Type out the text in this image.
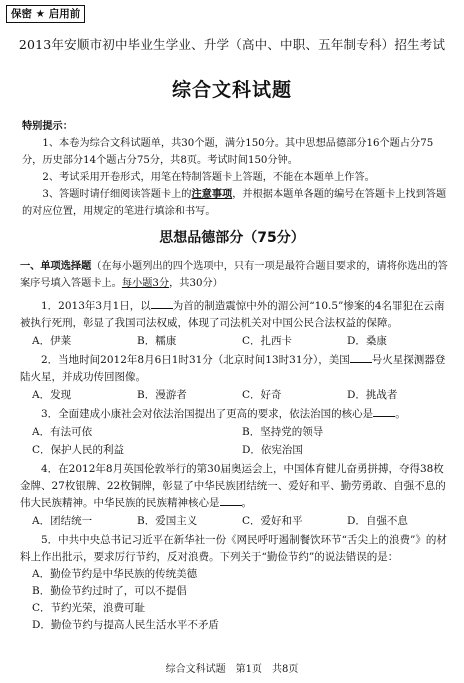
保密 ★ 启用前
2013年安顺市初中毕业生学业、升学（高中、中职、五年制专科）招生考试
综合文科试题
特别提示：

1、本卷为综合文科试题单，共30个题，满分150分。其中思想品德部分16个题占分75分，历史部分14个题占分75分，共8页。考试时间150分钟。

2、考试采用开卷形式，用笔在特制答题卡上答题，不能在本题单上作答。

3、答题时请仔细阅读答题卡上的注意事项，并根据本题单各题的编号在答题卡上找到答题的对应位置，用规定的笔进行填涂和书写。

思想品德部分（75分）
一、单项选择题（在每小题列出的四个选项中，只有一项是最符合题目要求的，请将你选出的答案序号填入答题卡上。每小题3分，共30分）
1．2013年3月1日，以 为首的制造震惊中外的湄公河“10.5”惨案的4名罪犯在云南被执行死刑，彰显了我国司法权威，体现了司法机关对中国公民合法权益的保障。
A．伊莱	B．糯康	C．扎西卡	D．桑康
2．当地时间2012年8月6日1时31分（北京时间13时31分），美国 号火星探测器登陆火星，并成功传回图像。
A．发现	B．漫游者	C．好奇	D．挑战者
3．全面建成小康社会对依法治国提出了更高的要求，依法治国的核心是 。
A．有法可依	B．坚持党的领导
C．保护人民的利益	D．依宪治国
4．在2012年8月英国伦敦举行的第30届奥运会上，中国体育健儿奋勇拼搏，夺得38枚金牌、27枚银牌、22枚铜牌，彰显了中华民族团结统一、爱好和平、勤劳勇敢、自强不息的伟大民族精神。中华民族的民族精神核心是 。
A．团结统一	B．爱国主义	C．爱好和平	D．自强不息
5．中共中央总书记习近平在新华社一份《网民呼吁遏制餐饮环节“舌尖上的浪费”》的材料上作出批示，要求厉行节约，反对浪费。下列关于“勤俭节约”的说法错误的是：
A．勤俭节约是中华民族的传统美德
B．勤俭节约过时了，可以不提倡
C．节约光荣，浪费可耻
D．勤俭节约与提高人民生活水平不矛盾
综合文科试题　第1页　共8页
